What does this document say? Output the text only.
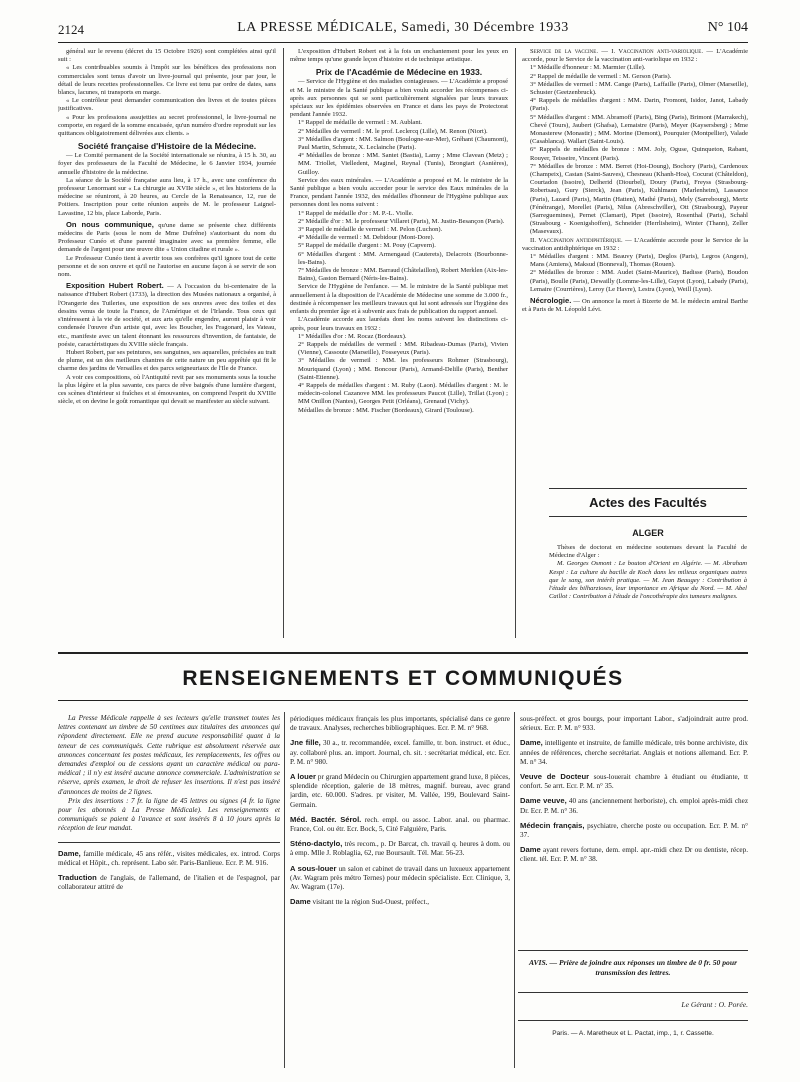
2124	LA PRESSE MÉDICALE, Samedi, 30 Décembre 1933	N° 104

général sur le revenu (décret du 15 Octobre 1926) sont complétées ainsi qu'il suit :

« Les contribuables soumis à l'impôt sur les bénéfices des professions non commerciales sont tenus d'avoir un livre-journal qui présente, jour par jour, le détail de leurs recettes professionnelles. Ce livre est tenu par ordre de dates, sans blancs, lacunes, ni transports en marge.

« Le contrôleur peut demander communication des livres et de toutes pièces justificatives.

« Pour les professions assujetties au secret professionnel, le livre-journal ne comporte, en regard de la somme encaissée, qu'un numéro d'ordre reproduit sur les quittances obligatoirement délivrées aux clients. »

Société française d'Histoire de la Médecine.

— Le Comité permanent de la Société internationale se réunira, à 15 h. 30, au foyer des professeurs de la Faculté de Médecine, le 6 Janvier 1934, journée annuelle d'histoire de la médecine.

La séance de la Société française aura lieu, à 17 h., avec une conférence du professeur Lenormant sur « La chirurgie au XVIIe siècle », et les historiens de la médecine se réuniront, à 20 heures, au Cercle de la Renaissance, 12, rue de Poitiers. Inscription pour cette réunion auprès de M. le professeur Laignel-Lavastine, 12 bis, place Laborde, Paris.

On nous communique, qu'une dame se présente chez différents médecins de Paris (sous le nom de Mme Dufrêne) s'autorisant du nom du Professeur Cunéo et d'une parenté imaginaire avec sa première femme, elle demande de l'argent pour une œuvre dite « Union citadine et rurale ».

Le Professeur Cunéo tient à avertir tous ses confrères qu'il ignore tout de cette personne et de son œuvre et qu'il ne l'autorise en aucune façon à se servir de son nom.

Exposition Hubert Robert. — A l'occasion du bi-centenaire de la naissance d'Hubert Robert (1733), la direction des Musées nationaux a organisé, à l'Orangerie des Tuileries, une exposition de ses œuvres avec des toiles et des dessins venus de toute la France, de l'Amérique et de l'Irlande. Tous ceux qui s'intéressent à la vie de société, et aux arts qu'elle engendre, auront plaisir à voir condensée l'œuvre d'un artiste qui, avec les Boucher, les Fragonard, les Vateau, etc., manifeste avec un talent étonnant les ressources d'invention, de fantaisie, de poésie, caractéristiques du XVIIIe siècle français.

Hubert Robert, par ses peintures, ses sanguines, ses aquarelles, précisées au trait de plume, est un des meilleurs chantres de cette nature un peu apprêtée qui fit le charme des jardins de Versailles et des parcs seigneuriaux de l'Ile de France.

A voir ces compositions, où l'Antiquité revit par ses monuments sous la touche la plus légère et la plus savante, ces parcs de rêve baignés d'une lumière d'argent, ces scènes d'intérieur si fraîches et si émouvantes, on comprend l'esprit du XVIIIe siècle, et on devine le goût romantique qui devait se manifester au siècle suivant.

L'exposition d'Hubert Robert est à la fois un enchantement pour les yeux en même temps qu'une grande leçon d'histoire et de technique artistique.

Prix de l'Académie de Médecine en 1933.

— Service de l'Hygiène et des maladies contagieuses. — L'Académie a proposé et M. le ministre de la Santé publique a bien voulu accorder les récompenses ci-après aux personnes qui se sont particulièrement signalées par leurs travaux spéciaux sur les épidémies observées en France et dans les pays de Protectorat pendant l'année 1932.

1° Rappel de médaille de vermeil : M. Aublant.

2° Médailles de vermeil : M. le prof. Leclercq (Lille), M. Renon (Niort).

3° Médailles d'argent : MM. Salmon (Boulogne-sur-Mer), Gréhant (Chaumont), Paul Martin, Schmutz, X. Leclainche (Paris).

4° Médailles de bronze : MM. Santet (Bastia), Lamy ; Mme Clavean (Metz) ; MM. Triollet, Vielledent, Maginel, Reynal (Tunis), Brongiart (Asnières), Guilloy.

Service des eaux minérales. — L'Académie a proposé et M. le ministre de la Santé publique a bien voulu accorder pour le service des Eaux minérales de la France, pendant l'année 1932, des médailles d'honneur de l'Hygiène publique aux personnes dont les noms suivent :

1° Rappel de médaille d'or : M. P.-L. Violle.

2° Médaille d'or : M. le professeur Villaret (Paris), M. Justin-Besançon (Paris).

3° Rappel de médaille de vermeil : M. Pelon (Luchon).

4° Médaille de vermeil : M. Debidour (Mont-Dore).

5° Rappel de médaille d'argent : M. Pouy (Capvern).

6° Médailles d'argent : MM. Armengaud (Cauterets), Delacroix (Bourbonne-les-Bains).

7° Médailles de bronze : MM. Barraud (Châtelaillon), Robert Merklen (Aix-les-Bains), Gaston Bernard (Néris-les-Bains).

Service de l'Hygiène de l'enfance. — M. le ministre de la Santé publique met annuellement à la disposition de l'Académie de Médecine une somme de 3.000 fr., destinée à récompenser les meilleurs travaux qui lui sont adressés sur l'hygiène des enfants du premier âge et à subvenir aux frais de publication du rapport annuel.

L'Académie accorde aux lauréats dont les noms suivent les distinctions ci-après, pour leurs travaux en 1932 :

1° Médailles d'or : M. Rocaz (Bordeaux).

2° Rappels de médailles de vermeil : MM. Ribadeau-Dumas (Paris), Vivien (Vienne), Cassoute (Marseille), Fosseyeux (Paris).

3° Médailles de vermeil : MM. les professeurs Rohmer (Strasbourg), Mouriquand (Lyon) ; MM. Boncour (Paris), Armand-Delille (Paris), Benther (Saint-Etienne).

4° Rappels de médailles d'argent : M. Ruby (Laon). Médailles d'argent : M. le médecin-colonel Cazanove MM. les professeurs Paucot (Lille), Trillat (Lyon) ; MM Onillon (Nantes), Georges Petit (Orléans), Grenaud (Vichy).

Médailles de bronze : MM. Fischer (Bordeaux), Girard (Toulouse).

Service de la vaccine. — I. Vaccination anti-variolique. — L'Académie accorde, pour le Service de la vaccination anti-variolique en 1932 :

1° Médaille d'honneur : M. Marmier (Lille).

2° Rappel de médaille de vermeil : M. Gerson (Paris).

3° Médailles de vermeil : MM. Cange (Paris), Laffaille (Paris), Olmer (Marseille), Schuster (Geetzenbruck).

4° Rappels de médailles d'argent : MM. Darin, Fromont, Isidor, Janot, Labady (Paris).

5° Médailles d'argent : MM. Abramoff (Paris), Bing (Paris), Brimont (Marrakech), Chevé (Tours), Jaubert (Ghafsa), Lemaistre (Paris), Meyer (Kaysersberg) ; Mme Monasterew (Monastir) ; MM. Morine (Demont), Pourquier (Montpellier), Valade (Casablanca). Wallart (Saint-Louis).

6° Rappels de médailles de bronze : MM. Joly, Oguse, Quinqueton, Rabant, Rouyer, Teisseire, Vincent (Paris).

7° Médailles de bronze : MM. Berret (Hoi-Doung), Bochory (Paris), Cardenoux (Champeix), Castan (Saint-Sauves), Chesneau (Khanh-Hoa), Cocurat (Châteldon), Courtadon (Issoire), Delherid (Diourbel), Doury (Paris), Freyss (Strasbourg-Robertsau), Gury (Sierck), Jean (Paris), Kuhlmann (Marlenheim), Lassance (Paris), Lazard (Paris), Martin (Hatten), Mathé (Paris), Mely (Sarrebourg), Mertz (Fénétrange), Morellet (Paris), Nilus (Abreschviller), Ott (Strasbourg), Payeur (Sarreguemines), Pernet (Clamart), Pipet (Issoire), Rosenthal (Paris), Schahl (Strasbourg - Koenigshoffen), Schneider (Herrlisheim), Winter (Thann), Zeller (Masevaux).

II. Vaccination antidiphtérique. — L'Académie accorde pour le Service de la vaccination antidiphtérique en 1932 :

1° Médailles d'argent : MM. Beauvy (Paris), Deglos (Paris), Legros (Angers), Mans (Amiens), Maksud (Bonneval), Thomas (Rouen).

2° Médailles de bronze : MM. Audet (Saint-Maurice), Badisse (Paris), Boudon (Paris), Boulle (Paris), Dewailly (Lomme-les-Lille), Guyot (Lyon), Labady (Paris), Lemaire (Courrières), Leroy (Le Havre), Lestra (Lyon), Weill (Lyon).

Nécrologie. — On annonce la mort à Bizerte de M. le médecin amiral Barthe et à Paris de M. Léopold Lévi.

Actes des Facultés
ALGER

Thèses de doctorat en médecine soutenues devant la Faculté de Médecine d'Alger :

M. Georges Osmont : Le bouton d'Orient en Algérie. — M. Abraham Kespi : La culture du bacille de Koch dans les milieux organiques autres que le sang, son intérêt pratique. — M. Jean Beaugey : Contribution à l'étude des bilharzioses, leur importance en Afrique du Nord. — M. Abel Caillot : Contribution à l'étude de l'oncothérapie des tumeurs malignes.

RENSEIGNEMENTS ET COMMUNIQUÉS

La Presse Médicale rappelle à ses lecteurs qu'elle transmet toutes les lettres contenant un timbre de 50 centimes aux titulaires des annonces qui répondent directement. Elle ne prend aucune responsabilité quant à la teneur de ces communiqués. Cette rubrique est absolument réservée aux annonces concernant les postes médicaux, les remplacements, les offres ou demandes d'emploi ou de cessions ayant un caractère médical ou para-médical ; il n'y est inséré aucune annonce commerciale. L'administration se réserve, après examen, le droit de refuser les insertions. Il n'est pas inséré d'annonces de moins de 2 lignes.

Prix des insertions : 7 fr. la ligne de 45 lettres ou signes (4 fr. la ligne pour les abonnés à La Presse Médicale). Les renseignements et communiqués se paient à l'avance et sont insérés 8 à 10 jours après la réception de leur mandat.

Dame, famille médicale, 45 ans référ., visites médicales, ex. introd. Corps médical et Hôpit., ch. représent. Labo sér. Paris-Banlieue. Ecr. P. M. 916.

Traduction de l'anglais, de l'allemand, de l'italien et de l'espagnol, par collaborateur attitré de

périodiques médicaux français les plus importants, spécialisé dans ce genre de travaux. Analyses, recherches bibliographiques. Ecr. P. M. n° 968.

Jne fille, 30 a., tr. recommandée, excel. famille, tr. bon. instruct. et éduc., ay. collaboré plus. an. import. Journal, ch. sit. : secrétariat médical, etc. Ecr. P. M. n° 980.

A louer pr grand Médecin ou Chirurgien appartement grand luxe, 8 pièces, splendide réception, galerie de 18 mètres, magnif. bureau, avec grand jardin, etc. 60.000. S'adres. pr visiter, M. Vallée, 199, Boulevard Saint-Germain.

Méd. Bactér. Sérol. rech. empl. ou assoc. Labor. anal. ou pharmac. France, Col. ou étr. Ecr. Bock, 5, Cité Falguière, Paris.

Sténo-dactylo, très recom., p. Dr Barcat, ch. travail q. heures à dom. ou à emp. Mlle J. Roblaglia, 62, rue Boursault. Tél. Mar. 56-23.

A sous-louer un salon et cabinet de travail dans un luxueux appartement (Av. Wagram près métro Ternes) pour médecin spécialiste. Ecr. Clinique, 3, Av. Wagram (17e).

Dame visitant tte la région Sud-Ouest, préfect.,

sous-préfect. et gros bourgs, pour important Labor., s'adjoindrait autre prod. sérieux. Ecr. P. M. n° 933.

Dame, intelligente et instruite, de famille médicale, très bonne archiviste, dix années de références, cherche secrétariat. Anglais et notions allemand. Ecr. P. M. n° 34.

Veuve de Docteur sous-louerait chambre à étudiant ou étudiante, tt confort. 5e arrt. Ecr. P. M. n° 35.

Dame veuve, 40 ans (anciennement herboriste), ch. emploi après-midi chez Dr. Ecr. P. M. n° 36.

Médecin français, psychiatre, cherche poste ou occupation. Ecr. P. M. n° 37.

Dame ayant revers fortune, dem. empl. apr.-midi chez Dr ou dentiste, récep. client. tél. Ecr. P. M. n° 38.

AVIS. — Prière de joindre aux réponses un timbre de 0 fr. 50 pour transmission des lettres.
Le Gérant : O. Porée.
Paris. — A. Maretheux et L. Pactat, imp., 1, r. Cassette.
